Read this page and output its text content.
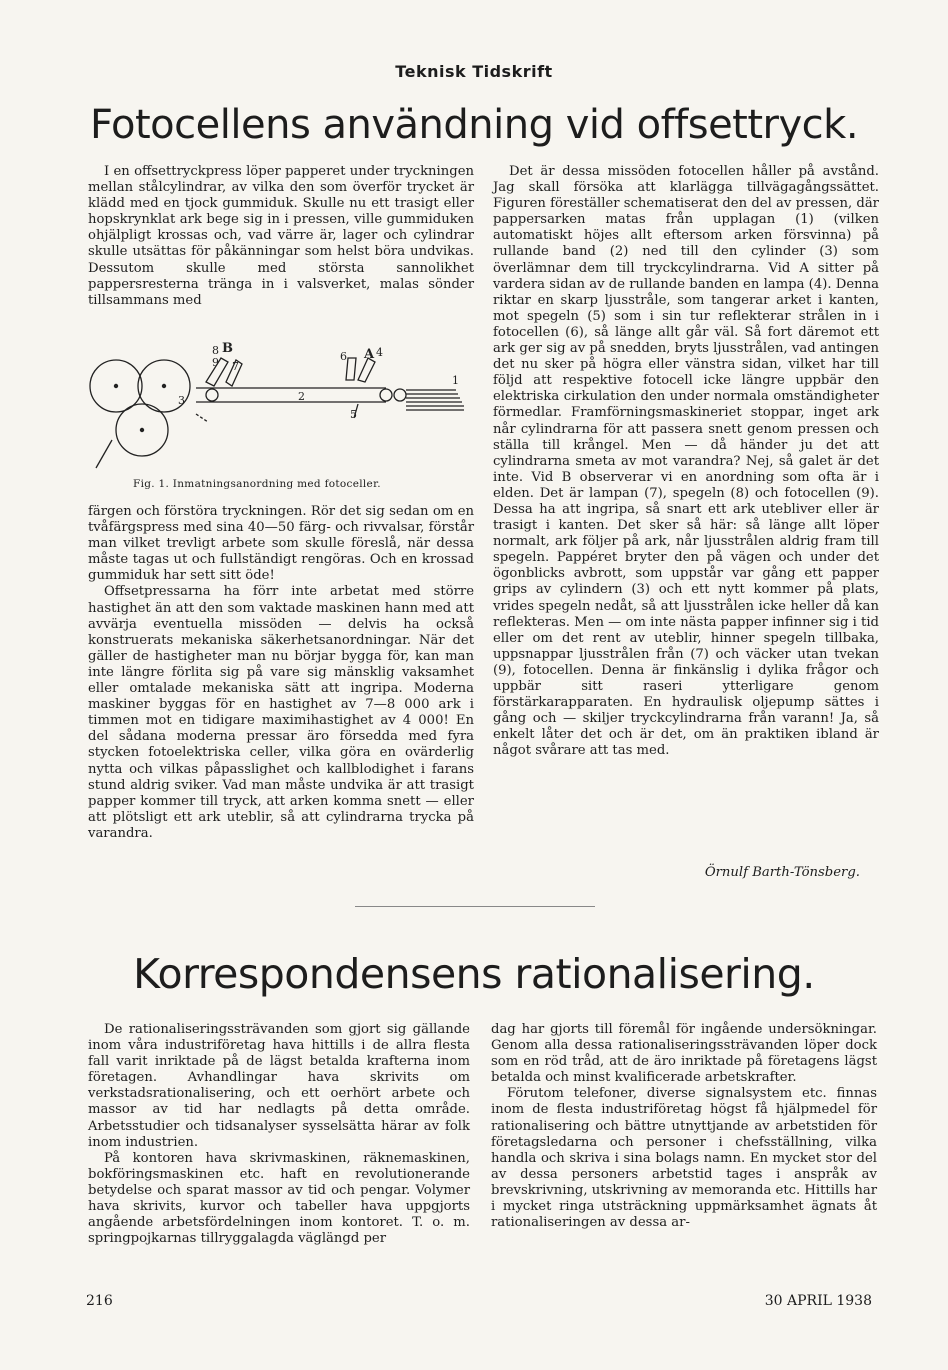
Teknisk Tidskrift
Fotocellens användning vid offsettryck.

I en offsettryckpress löper papperet under tryckningen mellan stålcylindrar, av vilka den som överför trycket är klädd med en tjock gummiduk. Skulle nu ett trasigt eller hopskrynklat ark bege sig in i pressen, ville gummiduken ohjälpligt krossas och, vad värre är, lager och cylindrar skulle utsättas för påkänningar som helst böra undvikas. Dessutom skulle med största sannolikhet pappersresterna tränga in i valsverket, malas sönder tillsammans med

B	A
7
8
9
1
2
3
4
5
6
Fig. 1. Inmatningsanordning med fotoceller.

färgen och förstöra tryckningen. Rör det sig sedan om en tvåfärgspress med sina 40—50 färg- och rivvalsar, förstår man vilket trevligt arbete som skulle föreslå, när dessa måste tagas ut och fullständigt rengöras. Och en krossad gummiduk har sett sitt öde!

Offsetpressarna ha förr inte arbetat med större hastighet än att den som vaktade maskinen hann med att avvärja eventuella missöden — delvis ha också konstruerats mekaniska säkerhetsanordningar. När det gäller de hastigheter man nu börjar bygga för, kan man inte längre förlita sig på vare sig mänsklig vaksamhet eller omtalade mekaniska sätt att ingripa. Moderna maskiner byggas för en hastighet av 7—8 000 ark i timmen mot en tidigare maximihastighet av 4 000! En del sådana moderna pressar äro försedda med fyra stycken fotoelektriska celler, vilka göra en ovärderlig nytta och vilkas påpasslighet och kallblodighet i farans stund aldrig sviker. Vad man måste undvika är att trasigt papper kommer till tryck, att arken komma snett — eller att plötsligt ett ark uteblir, så att cylindrarna trycka på varandra.

Det är dessa missöden fotocellen håller på avstånd. Jag skall försöka att klarlägga tillvägagångssättet. Figuren föreställer schematiserat den del av pressen, där pappersarken matas från upplagan (1) (vilken automatiskt höjes allt eftersom arken försvinna) på rullande band (2) ned till den cylinder (3) som överlämnar dem till tryckcylindrarna. Vid A sitter på vardera sidan av de rullande banden en lampa (4). Denna riktar en skarp ljusstråle, som tangerar arket i kanten, mot spegeln (5) som i sin tur reflekterar strålen in i fotocellen (6), så länge allt går väl. Så fort däremot ett ark ger sig av på snedden, bryts ljusstrålen, vad antingen det nu sker på högra eller vänstra sidan, vilket har till följd att respektive fotocell icke längre uppbär den elektriska cirkulation den under normala omständigheter förmedlar. Framförningsmaskineriet stoppar, inget ark når cylindrarna för att passera snett genom pressen och ställa till krångel. Men — då händer ju det att cylindrarna smeta av mot varandra? Nej, så galet är det inte. Vid B observerar vi en anordning som ofta är i elden. Det är lampan (7), spegeln (8) och fotocellen (9). Dessa ha att ingripa, så snart ett ark utebliver eller är trasigt i kanten. Det sker så här: så länge allt löper normalt, ark följer på ark, når ljusstrålen aldrig fram till spegeln. Pappéret bryter den på vägen och under det ögonblicks avbrott, som uppstår var gång ett papper grips av cylindern (3) och ett nytt kommer på plats, vrides spegeln nedåt, så att ljusstrålen icke heller då kan reflekteras. Men — om inte nästa papper infinner sig i tid eller om det rent av uteblir, hinner spegeln tillbaka, uppsnappar ljusstrålen från (7) och väcker utan tvekan (9), fotocellen. Denna är finkänslig i dylika frågor och uppbär sitt raseri ytterligare genom förstärkarapparaten. En hydraulisk oljepump sättes i gång och — skiljer tryckcylindrarna från varann! Ja, så enkelt låter det och är det, om än praktiken ibland är något svårare att tas med.

Örnulf Barth-Tönsberg.
Korrespondensens rationalisering.

De rationaliseringssträvanden som gjort sig gällande inom våra industriföretag hava hittills i de allra flesta fall varit inriktade på de lägst betalda krafterna inom företagen. Avhandlingar hava skrivits om verkstadsrationalisering, och ett oerhört arbete och massor av tid har nedlagts på detta område. Arbetsstudier och tidsanalyser sysselsätta härar av folk inom industrien.

På kontoren hava skrivmaskinen, räknemaskinen, bokföringsmaskinen etc. haft en revolutionerande betydelse och sparat massor av tid och pengar. Volymer hava skrivits, kurvor och tabeller hava uppgjorts angående arbetsfördelningen inom kontoret. T. o. m. springpojkarnas tillryggalagda väglängd per

dag har gjorts till föremål för ingående undersökningar. Genom alla dessa rationaliseringssträvanden löper dock som en röd tråd, att de äro inriktade på företagens lägst betalda och minst kvalificerade arbetskrafter.

Förutom telefoner, diverse signalsystem etc. finnas inom de flesta industriföretag högst få hjälpmedel för rationalisering och bättre utnyttjande av arbetstiden för företagsledarna och personer i chefsställning, vilka handla och skriva i sina bolags namn. En mycket stor del av dessa personers arbetstid tages i anspråk av brevskrivning, utskrivning av memoranda etc. Hittills har i mycket ringa utsträckning uppmärksamhet ägnats åt rationaliseringen av dessa ar-

216	30 APRIL 1938
